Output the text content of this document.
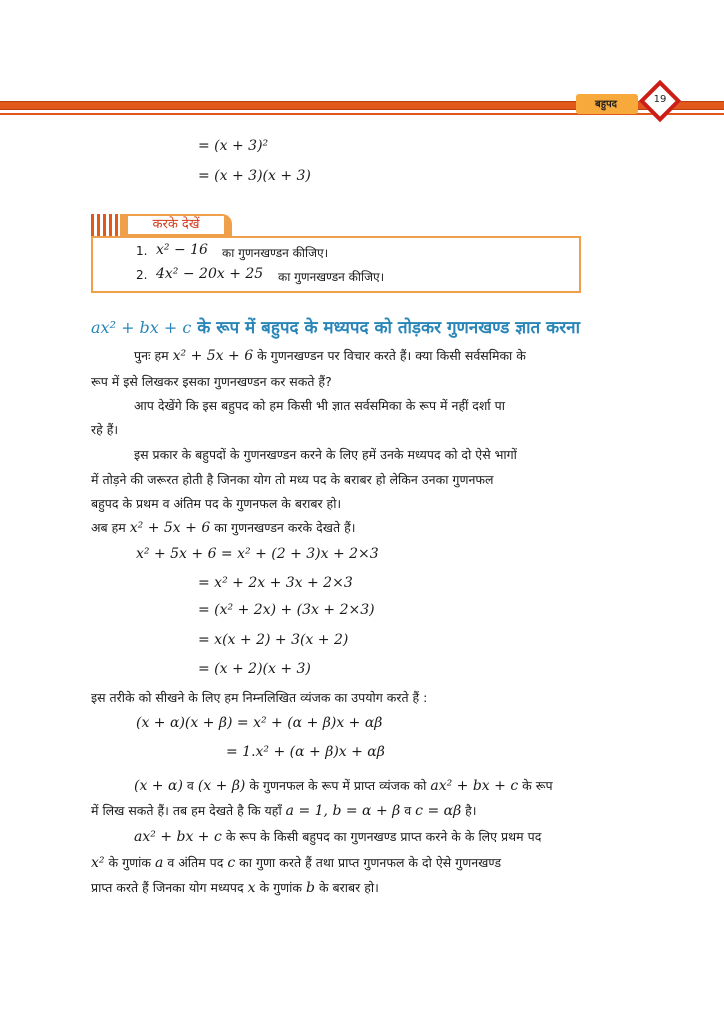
बहुपद	19
= (x + 3)²
= (x + 3)(x + 3)
करके देखें
1. x² − 16 का गुणनखण्डन कीजिए।
2. 4x² − 20x + 25 का गुणनखण्डन कीजिए।
ax² + bx + c के रूप में बहुपद के मध्यपद को तोड़कर गुणनखण्ड ज्ञात करना
पुनः हम x² + 5x + 6 के गुणनखण्डन पर विचार करते हैं। क्या किसी सर्वसमिका के
रूप में इसे लिखकर इसका गुणनखण्डन कर सकते हैं?
आप देखेंगे कि इस बहुपद को हम किसी भी ज्ञात सर्वसमिका के रूप में नहीं दर्शा पा
रहे हैं।
इस प्रकार के बहुपदों के गुणनखण्डन करने के लिए हमें उनके मध्यपद को दो ऐसे भागों
में तोड़ने की जरूरत होती है जिनका योग तो मध्य पद के बराबर हो लेकिन उनका गुणनफल
बहुपद के प्रथम व अंतिम पद के गुणनफल के बराबर हो।
अब हम x² + 5x + 6 का गुणनखण्डन करके देखते हैं।
x² + 5x + 6 = x² + (2 + 3)x + 2×3
= x² + 2x + 3x + 2×3
= (x² + 2x) + (3x + 2×3)
= x(x + 2) + 3(x + 2)
= (x + 2)(x + 3)
इस तरीके को सीखने के लिए हम निम्नलिखित व्यंजक का उपयोग करते हैं :
(x + α)(x + β) = x² + (α + β)x + αβ
= 1.x² + (α + β)x + αβ
(x + α) व (x + β) के गुणनफल के रूप में प्राप्त व्यंजक को ax² + bx + c के रूप
में लिख सकते हैं। तब हम देखते है कि यहाँ a = 1, b = α + β व c = αβ है।
ax² + bx + c के रूप के किसी बहुपद का गुणनखण्ड प्राप्त करने के के लिए प्रथम पद
x² के गुणांक a व अंतिम पद c का गुणा करते हैं तथा प्राप्त गुणनफल के दो ऐसे गुणनखण्ड
प्राप्त करते हैं जिनका योग मध्यपद x के गुणांक b के बराबर हो।
